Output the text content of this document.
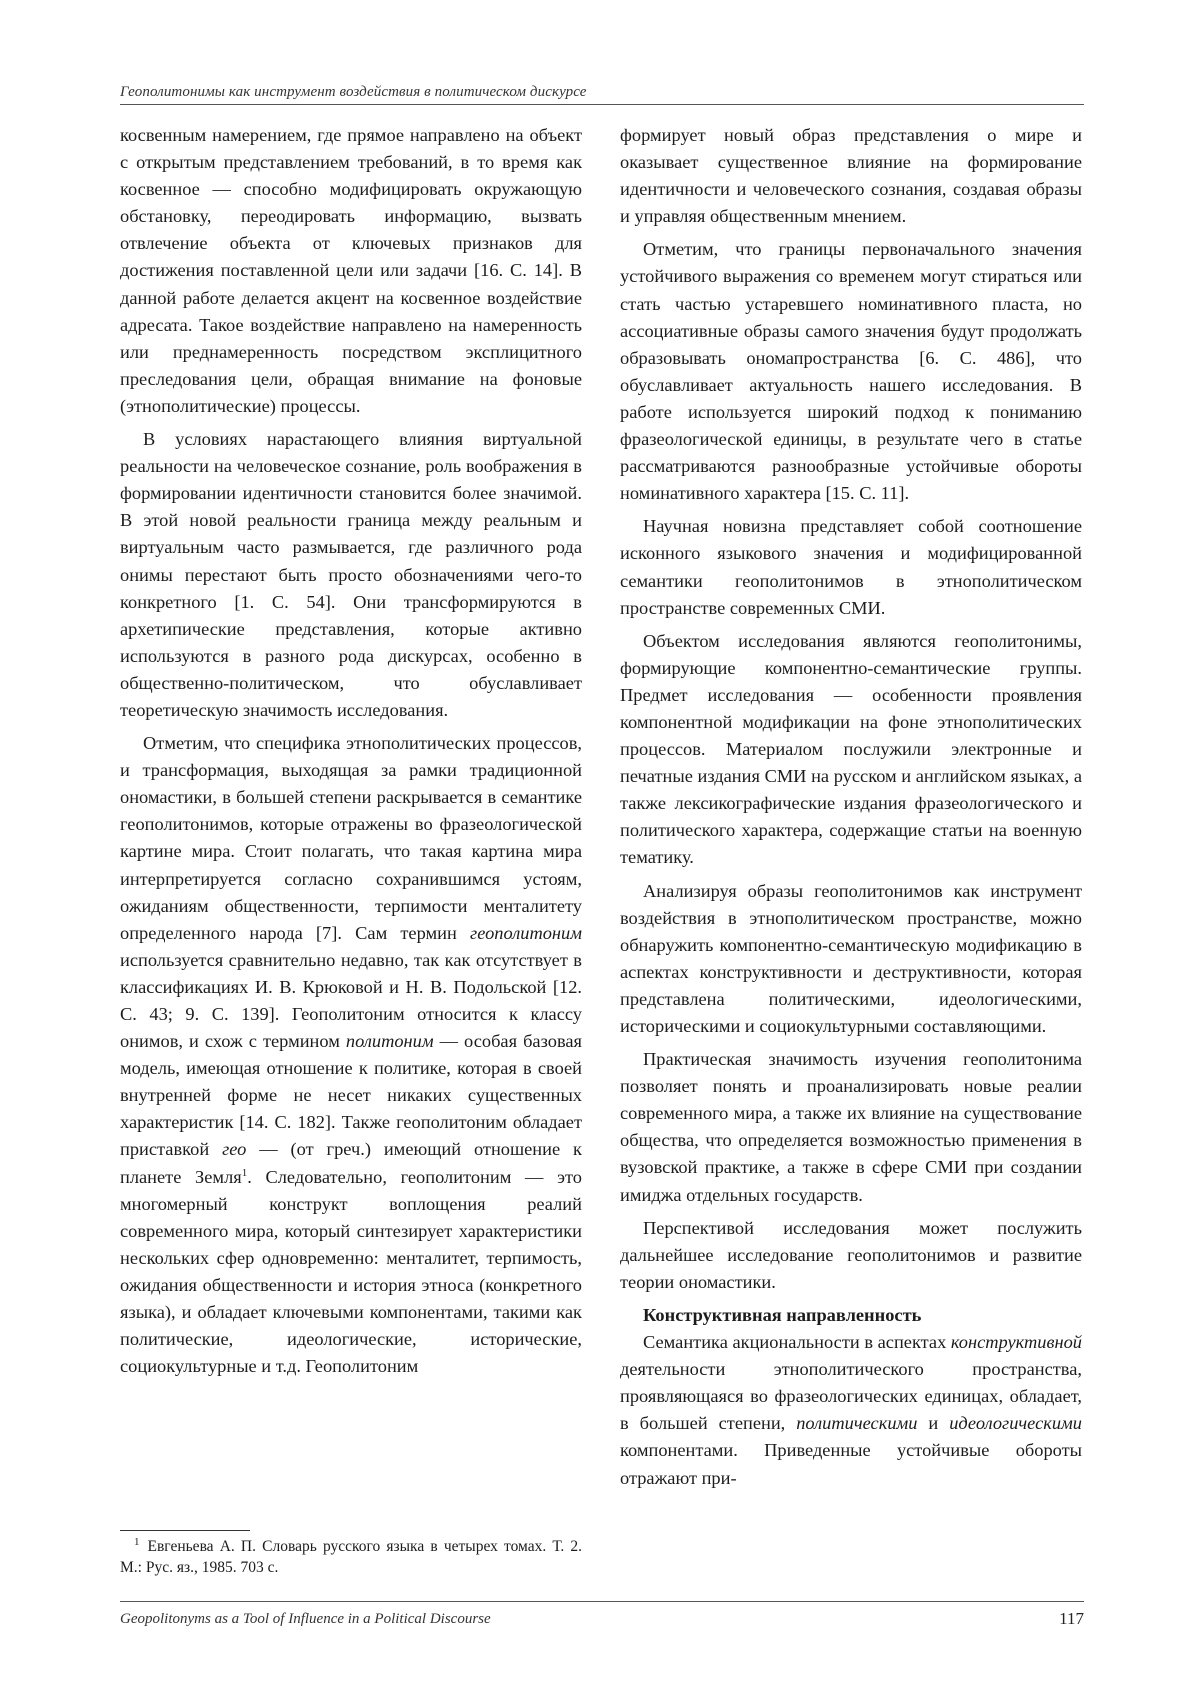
Геополитонимы как инструмент воздействия в политическом дискурсе

косвенным намерением, где прямое направлено на объект с открытым представлением требований, в то время как косвенное — способно модифицировать окружающую обстановку, переодировать информацию, вызвать отвлечение объекта от ключевых признаков для достижения поставленной цели или задачи [16. С. 14]. В данной работе делается акцент на косвенное воздействие адресата. Такое воздействие направлено на намеренность или преднамеренность посредством эксплицитного преследования цели, обращая внимание на фоновые (этнополитические) процессы.

В условиях нарастающего влияния виртуальной реальности на человеческое сознание, роль воображения в формировании идентичности становится более значимой. В этой новой реальности граница между реальным и виртуальным часто размывается, где различного рода онимы перестают быть просто обозначениями чего-то конкретного [1. С. 54]. Они трансформируются в архетипические представления, которые активно используются в разного рода дискурсах, особенно в общественно-политическом, что обуславливает теоретическую значимость исследования.

Отметим, что специфика этнополитических процессов, и трансформация, выходящая за рамки традиционной ономастики, в большей степени раскрывается в семантике геополитонимов, которые отражены во фразеологической картине мира. Стоит полагать, что такая картина мира интерпретируется согласно сохранившимся устоям, ожиданиям общественности, терпимости менталитету определенного народа [7]. Сам термин геополитоним используется сравнительно недавно, так как отсутствует в классификациях И. В. Крюковой и Н. В. Подольской [12. С. 43; 9. С. 139]. Геополитоним относится к классу онимов, и схож с термином политоним — особая базовая модель, имеющая отношение к политике, которая в своей внутренней форме не несет никаких существенных характеристик [14. С. 182]. Также геополитоним обладает приставкой гео — (от греч.) имеющий отношение к планете Земля$^1$. Следовательно, геополитоним — это многомерный конструкт воплощения реалий современного мира, который синтезирует характеристики нескольких сфер одновременно: менталитет, терпимость, ожидания общественности и история этноса (конкретного языка), и обладает ключевыми компонентами, такими как политические, идеологические, исторические, социокультурные и т.д. Геополитоним

$^1$ Евгеньева А. П. Словарь русского языка в четырех томах. Т. 2. М.: Рус. яз., 1985. 703 с.

формирует новый образ представления о мире и оказывает существенное влияние на формирование идентичности и человеческого сознания, создавая образы и управляя общественным мнением.

Отметим, что границы первоначального значения устойчивого выражения со временем могут стираться или стать частью устаревшего номинативного пласта, но ассоциативные образы самого значения будут продолжать образовывать ономапространства [6. С. 486], что обуславливает актуальность нашего исследования. В работе используется широкий подход к пониманию фразеологической единицы, в результате чего в статье рассматриваются разнообразные устойчивые обороты номинативного характера [15. С. 11].

Научная новизна представляет собой соотношение исконного языкового значения и модифицированной семантики геополитонимов в этнополитическом пространстве современных СМИ.

Объектом исследования являются геополитонимы, формирующие компонентно-семантические группы. Предмет исследования — особенности проявления компонентной модификации на фоне этнополитических процессов. Материалом послужили электронные и печатные издания СМИ на русском и английском языках, а также лексикографические издания фразеологического и политического характера, содержащие статьи на военную тематику.

Анализируя образы геополитонимов как инструмент воздействия в этнополитическом пространстве, можно обнаружить компонентно-семантическую модификацию в аспектах конструктивности и деструктивности, которая представлена политическими, идеологическими, историческими и социокультурными составляющими.

Практическая значимость изучения геополитонима позволяет понять и проанализировать новые реалии современного мира, а также их влияние на существование общества, что определяется возможностью применения в вузовской практике, а также в сфере СМИ при создании имиджа отдельных государств.

Перспективой исследования может послужить дальнейшее исследование геополитонимов и развитие теории ономастики.

Конструктивная направленность

Семантика акциональности в аспектах конструктивной деятельности этнополитического пространства, проявляющаяся во фразеологических единицах, обладает, в большей степени, политическими и идеологическими компонентами. Приведенные устойчивые обороты отражают при-

Geopolitonyms as a Tool of Influence in a Political Discourse	117
